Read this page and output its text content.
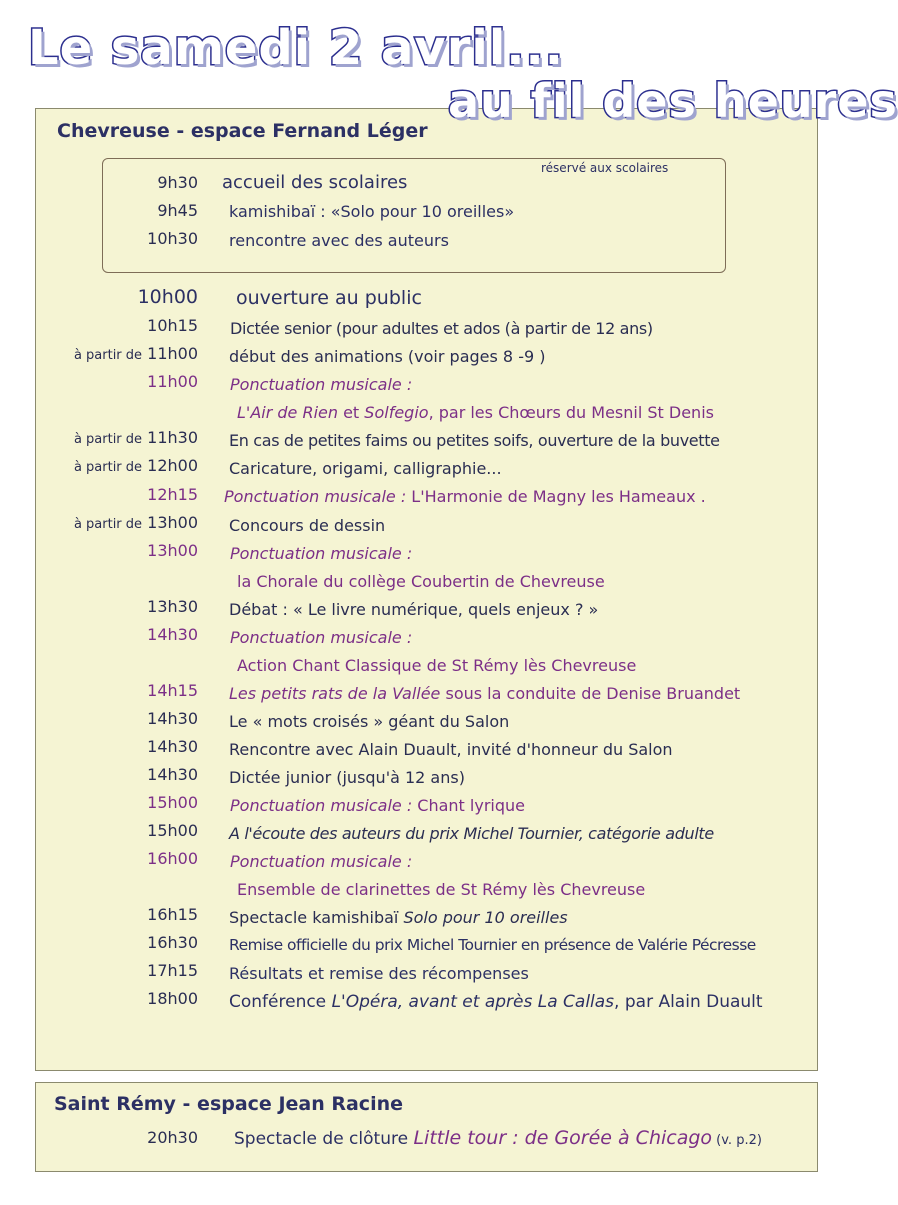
Le samedi 2 avril...
au fil des heures
Chevreuse - espace Fernand Léger
réservé aux scolaires
9h30 accueil des scolaires
9h45 kamishibaï : «Solo pour 10 oreilles»
10h30 rencontre avec des auteurs
10h00 ouverture au public
10h15 Dictée senior (pour adultes et ados (à partir de 12 ans)
à partir de 11h00 début des animations (voir pages 8 -9 )
11h00 Ponctuation musicale :
L'Air de Rien et Solfegio, par les Chœurs du Mesnil St Denis
à partir de 11h30 En cas de petites faims ou petites soifs, ouverture de la buvette
à partir de 12h00 Caricature, origami, calligraphie...
12h15 Ponctuation musicale : L'Harmonie de Magny les Hameaux .
à partir de 13h00 Concours de dessin
13h00 Ponctuation musicale :
la Chorale du collège Coubertin de Chevreuse
13h30 Débat : « Le livre numérique, quels enjeux ? »
14h30 Ponctuation musicale :
Action Chant Classique de St Rémy lès Chevreuse
14h15 Les petits rats de la Vallée sous la conduite de Denise Bruandet
14h30 Le « mots croisés » géant du Salon
14h30 Rencontre avec Alain Duault, invité d'honneur du Salon
14h30 Dictée junior (jusqu'à 12 ans)
15h00 Ponctuation musicale : Chant lyrique
15h00 A l'écoute des auteurs du prix Michel Tournier, catégorie adulte
16h00 Ponctuation musicale :
Ensemble de clarinettes de St Rémy lès Chevreuse
16h15 Spectacle kamishibaï Solo pour 10 oreilles
16h30 Remise officielle du prix Michel Tournier en présence de Valérie Pécresse
17h15 Résultats et remise des récompenses
18h00 Conférence L'Opéra, avant et après La Callas, par Alain Duault
Saint Rémy - espace Jean Racine
20h30 Spectacle de clôture Little tour : de Gorée à Chicago (v. p.2)
